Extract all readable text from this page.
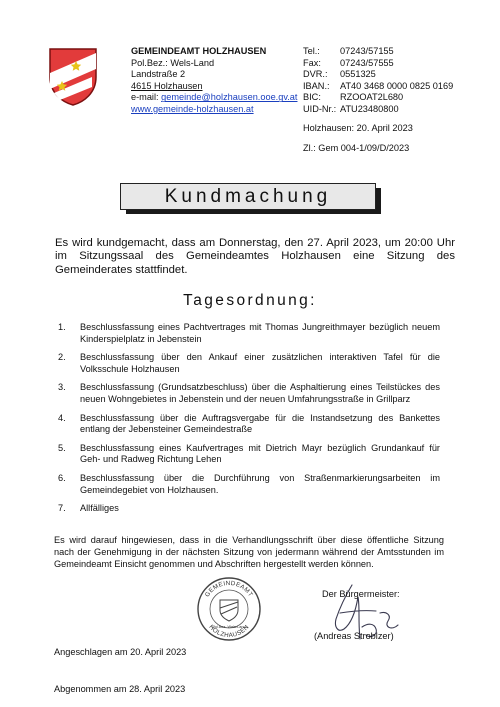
GEMEINDEAMT HOLZHAUSEN
Pol.Bez.: Wels-Land
Landstraße 2
4615 Holzhausen
e-mail: gemeinde@holzhausen.ooe.gv.at
www.gemeinde-holzhausen.at
Tel.:	07243/57155
Fax:	07243/57555
DVR.:	0551325
IBAN.:	AT40 3468 0000 0825 0169
BIC:	RZOOAT2L680
UID-Nr.: ATU23480800
Holzhausen: 20. April 2023
Zl.: Gem 004-1/09/D/2023
Kundmachung
Es wird kundgemacht, dass am Donnerstag, den 27. April 2023, um 20:00 Uhr im Sitzungssaal des Gemeindeamtes Holzhausen eine Sitzung des Gemeinderates stattfindet.
Tagesordnung:
1.	Beschlussfassung eines Pachtvertrages mit Thomas Jungreithmayer bezüglich neuem Kinderspielplatz in Jebenstein
2.	Beschlussfassung über den Ankauf einer zusätzlichen interaktiven Tafel für die Volksschule Holzhausen
3.	Beschlussfassung (Grundsatzbeschluss) über die Asphaltierung eines Teilstückes des neuen Wohngebietes in Jebenstein und der neuen Umfahrungsstraße in Grillparz
4.	Beschlussfassung über die Auftragsvergabe für die Instandsetzung des Bankettes entlang der Jebensteiner Gemeindestraße
5.	Beschlussfassung eines Kaufvertrages mit Dietrich Mayr bezüglich Grundankauf für Geh- und Radweg Richtung Lehen
6.	Beschlussfassung über die Durchführung von Straßenmarkierungsarbeiten im Gemeindegebiet von Holzhausen.
7.	Allfälliges
Es wird darauf hingewiesen, dass in die Verhandlungsschrift über diese öffentliche Sitzung nach der Genehmigung in der nächsten Sitzung von jedermann während der Amtsstunden im Gemeindeamt Einsicht genommen und Abschriften hergestellt werden können.
GEMEINDEAMT
HOLZHAUSEN
Pol.Bez. Wels-Land
Der Bürgermeister:
(Andreas Stroblzer)
Angeschlagen am 20. April 2023
Abgenommen am 28. April 2023
